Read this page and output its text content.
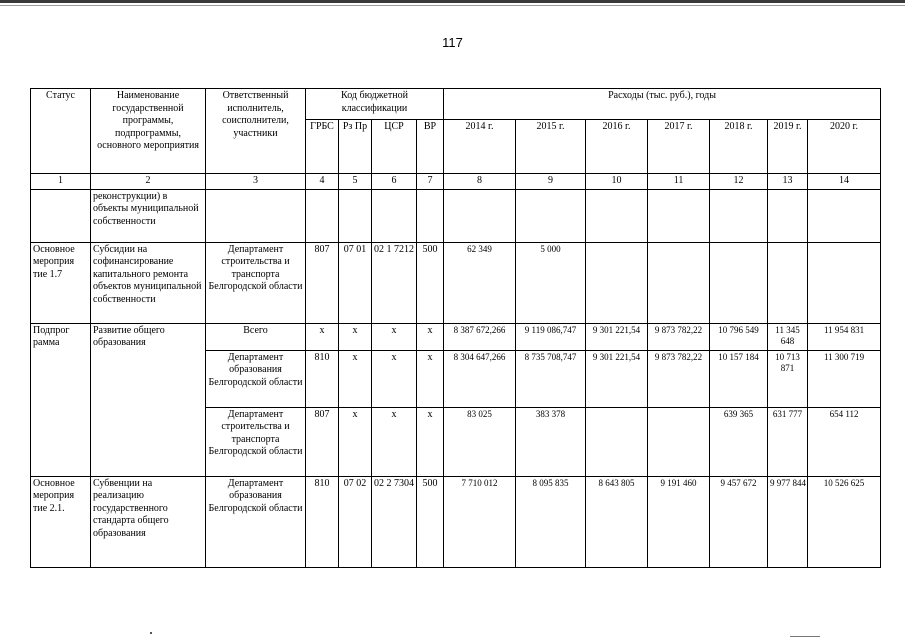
117
Статус	Наименование государственной программы, подпрограммы, основного мероприятия	Ответственный исполнитель, соисполнители, участники	Код бюджетной классификации				Расходы (тыс. руб.), годы						
			ГРБС	Рз Пр	ЦСР	ВР	2014 г.	2015 г.	2016 г.	2017 г.	2018 г.	2019 г.	2020 г.
1	2	3	4	5	6	7	8	9	10	11	12	13	14
	реконструкции) в объекты муниципальной собственности												
Основное мероприя тие 1.7	Субсидии на софинансирование капитального ремонта объектов муниципальной собственности	Департамент строительства и транспорта Белгородской области	807	07 01	02 1 7212	500	62 349	5 000					
Подпрог рамма	Развитие общего образования	Всего	х	х	х	х	8 387 672,266	9 119 086,747	9 301 221,54	9 873 782,22	10 796 549	11 345 648	11 954 831
		Департамент образования Белгородской области	810	х	х	х	8 304 647,266	8 735 708,747	9 301 221,54	9 873 782,22	10 157 184	10 713 871	11 300 719
		Департамент строительства и транспорта Белгородской области	807	х	х	х	83 025	383 378			639 365	631 777	654 112
Основное мероприя тие 2.1.	Субвенции на реализацию государственного стандарта общего образования	Департамент образования Белгородской области	810	07 02	02 2 7304	500	7 710 012	8 095 835	8 643 805	9 191 460	9 457 672	9 977 844	10 526 625
